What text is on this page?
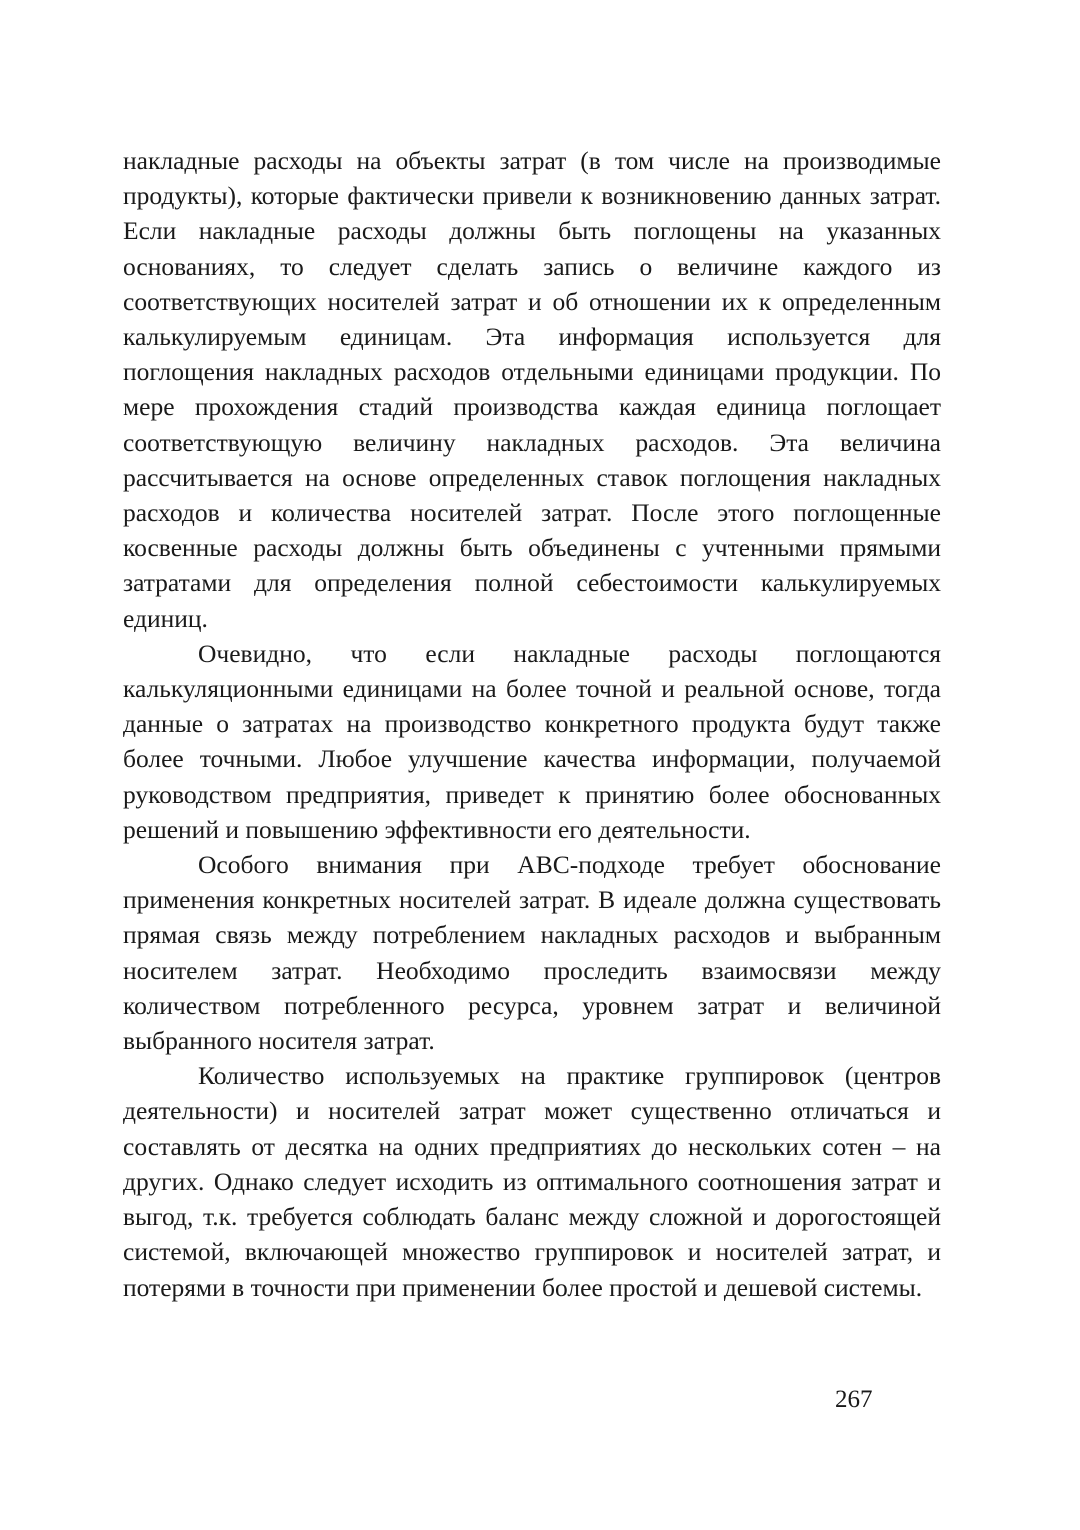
накладные расходы на объекты затрат (в том числе на производимые продукты), которые фактически привели к возникновению данных затрат. Если накладные расходы должны быть поглощены на указанных основаниях, то следует сделать запись о величине каждого из соответствующих носителей затрат и об отношении их к определенным калькулируемым единицам. Эта информация используется для поглощения накладных расходов отдельными единицами продукции. По мере прохождения стадий производства каждая единица поглощает соответствующую величину накладных расходов. Эта величина рассчитывается на основе определенных ставок поглощения накладных расходов и количества носителей затрат. После этого поглощенные косвенные расходы должны быть объединены с учтенными прямыми затратами для определения полной себестоимости калькулируемых единиц.

Очевидно, что если накладные расходы поглощаются калькуляционными единицами на более точной и реальной основе, тогда данные о затратах на производство конкретного продукта будут также более точными. Любое улучшение качества информации, получаемой руководством предприятия, приведет к принятию более обоснованных решений и повышению эффективности его деятельности.

Особого внимания при АВС-подходе требует обоснование применения конкретных носителей затрат. В идеале должна существовать прямая связь между потреблением накладных расходов и выбранным носителем затрат. Необходимо проследить взаимосвязи между количеством потребленного ресурса, уровнем затрат и величиной выбранного носителя затрат.

Количество используемых на практике группировок (центров деятельности) и носителей затрат может существенно отличаться и составлять от десятка на одних предприятиях до нескольких сотен – на других. Однако следует исходить из оптимального соотношения затрат и выгод, т.к. требуется соблюдать баланс между сложной и дорогостоящей системой, включающей множество группировок и носителей затрат, и потерями в точности при применении более простой и дешевой системы.

267
